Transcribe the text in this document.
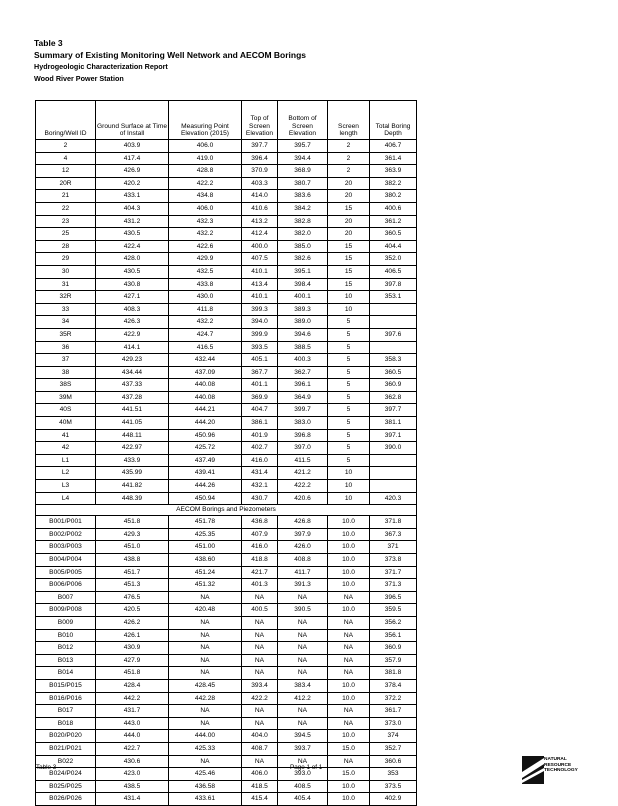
Table 3
Summary of Existing Monitoring Well Network and AECOM Borings
Hydrogeologic Characterization Report
Wood River Power Station
Boring/Well ID	Ground Surface at Time of Install	Measuring Point Elevation (2015)	Top of Screen Elevation	Bottom of Screen Elevation	Screen length	Total Boring Depth
2	403.9	406.0	397.7	395.7	2	406.7
4	417.4	419.0	396.4	394.4	2	361.4
12	426.9	428.8	370.9	368.9	2	363.9
20R	420.2	422.2	403.3	380.7	20	382.2
21	433.1	434.8	414.0	383.6	20	380.2
22	404.3	406.0	410.6	384.2	15	400.6
23	431.2	432.3	413.2	382.8	20	361.2
25	430.5	432.2	412.4	382.0	20	360.5
28	422.4	422.6	400.0	385.0	15	404.4
29	428.0	429.9	407.5	382.6	15	352.0
30	430.5	432.5	410.1	395.1	15	406.5
31	430.8	433.8	413.4	398.4	15	397.8
32R	427.1	430.0	410.1	400.1	10	353.1
33	408.3	411.8	399.3	389.3	10	
34	426.3	432.2	394.0	389.0	5	
35R	422.9	424.7	399.9	394.6	5	397.6
36	414.1	416.5	393.5	388.5	5	
37	429.23	432.44	405.1	400.3	5	358.3
38	434.44	437.09	367.7	362.7	5	360.5
38S	437.33	440.08	401.1	396.1	5	360.9
39M	437.28	440.08	369.9	364.9	5	362.8
40S	441.51	444.21	404.7	399.7	5	397.7
40M	441.05	444.20	386.1	383.0	5	381.1
41	448.11	450.96	401.9	396.8	5	397.1
42	422.97	425.72	402.7	397.0	5	390.0
L1	433.9	437.49	416.0	411.5	5	
L2	435.99	439.41	431.4	421.2	10	
L3	441.82	444.26	432.1	422.2	10	
L4	448.39	450.94	430.7	420.6	10	420.3
AECOM Borings and Piezometers						
B001/P001	451.8	451.78	436.8	426.8	10.0	371.8
B002/P002	429.3	425.35	407.9	397.9	10.0	367.3
B003/P003	451.0	451.00	416.0	426.0	10.0	371
B004/P004	438.8	438.60	418.8	408.8	10.0	373.8
B005/P005	451.7	451.24	421.7	411.7	10.0	371.7
B006/P006	451.3	451.32	401.3	391.3	10.0	371.3
B007	476.5	NA	NA	NA	NA	396.5
B009/P008	420.5	420.48	400.5	390.5	10.0	359.5
B009	426.2	NA	NA	NA	NA	356.2
B010	426.1	NA	NA	NA	NA	356.1
B012	430.9	NA	NA	NA	NA	360.9
B013	427.9	NA	NA	NA	NA	357.9
B014	451.8	NA	NA	NA	NA	381.8
B015/P015	428.4	428.45	393.4	383.4	10.0	378.4
B016/P016	442.2	442.28	422.2	412.2	10.0	372.2
B017	431.7	NA	NA	NA	NA	361.7
B018	443.0	NA	NA	NA	NA	373.0
B020/P020	444.0	444.00	404.0	394.5	10.0	374
B021/P021	422.7	425.33	408.7	393.7	15.0	352.7
B022	430.6	NA	NA	NA	NA	360.6
B024/P024	423.0	425.46	406.0	393.0	15.0	353
B025/P025	438.5	436.58	418.5	408.5	10.0	373.5
B026/P026	431.4	433.61	415.4	405.4	10.0	402.9
Table 3	Page 1 of 1
NATURAL
RESOURCE
TECHNOLOGY
